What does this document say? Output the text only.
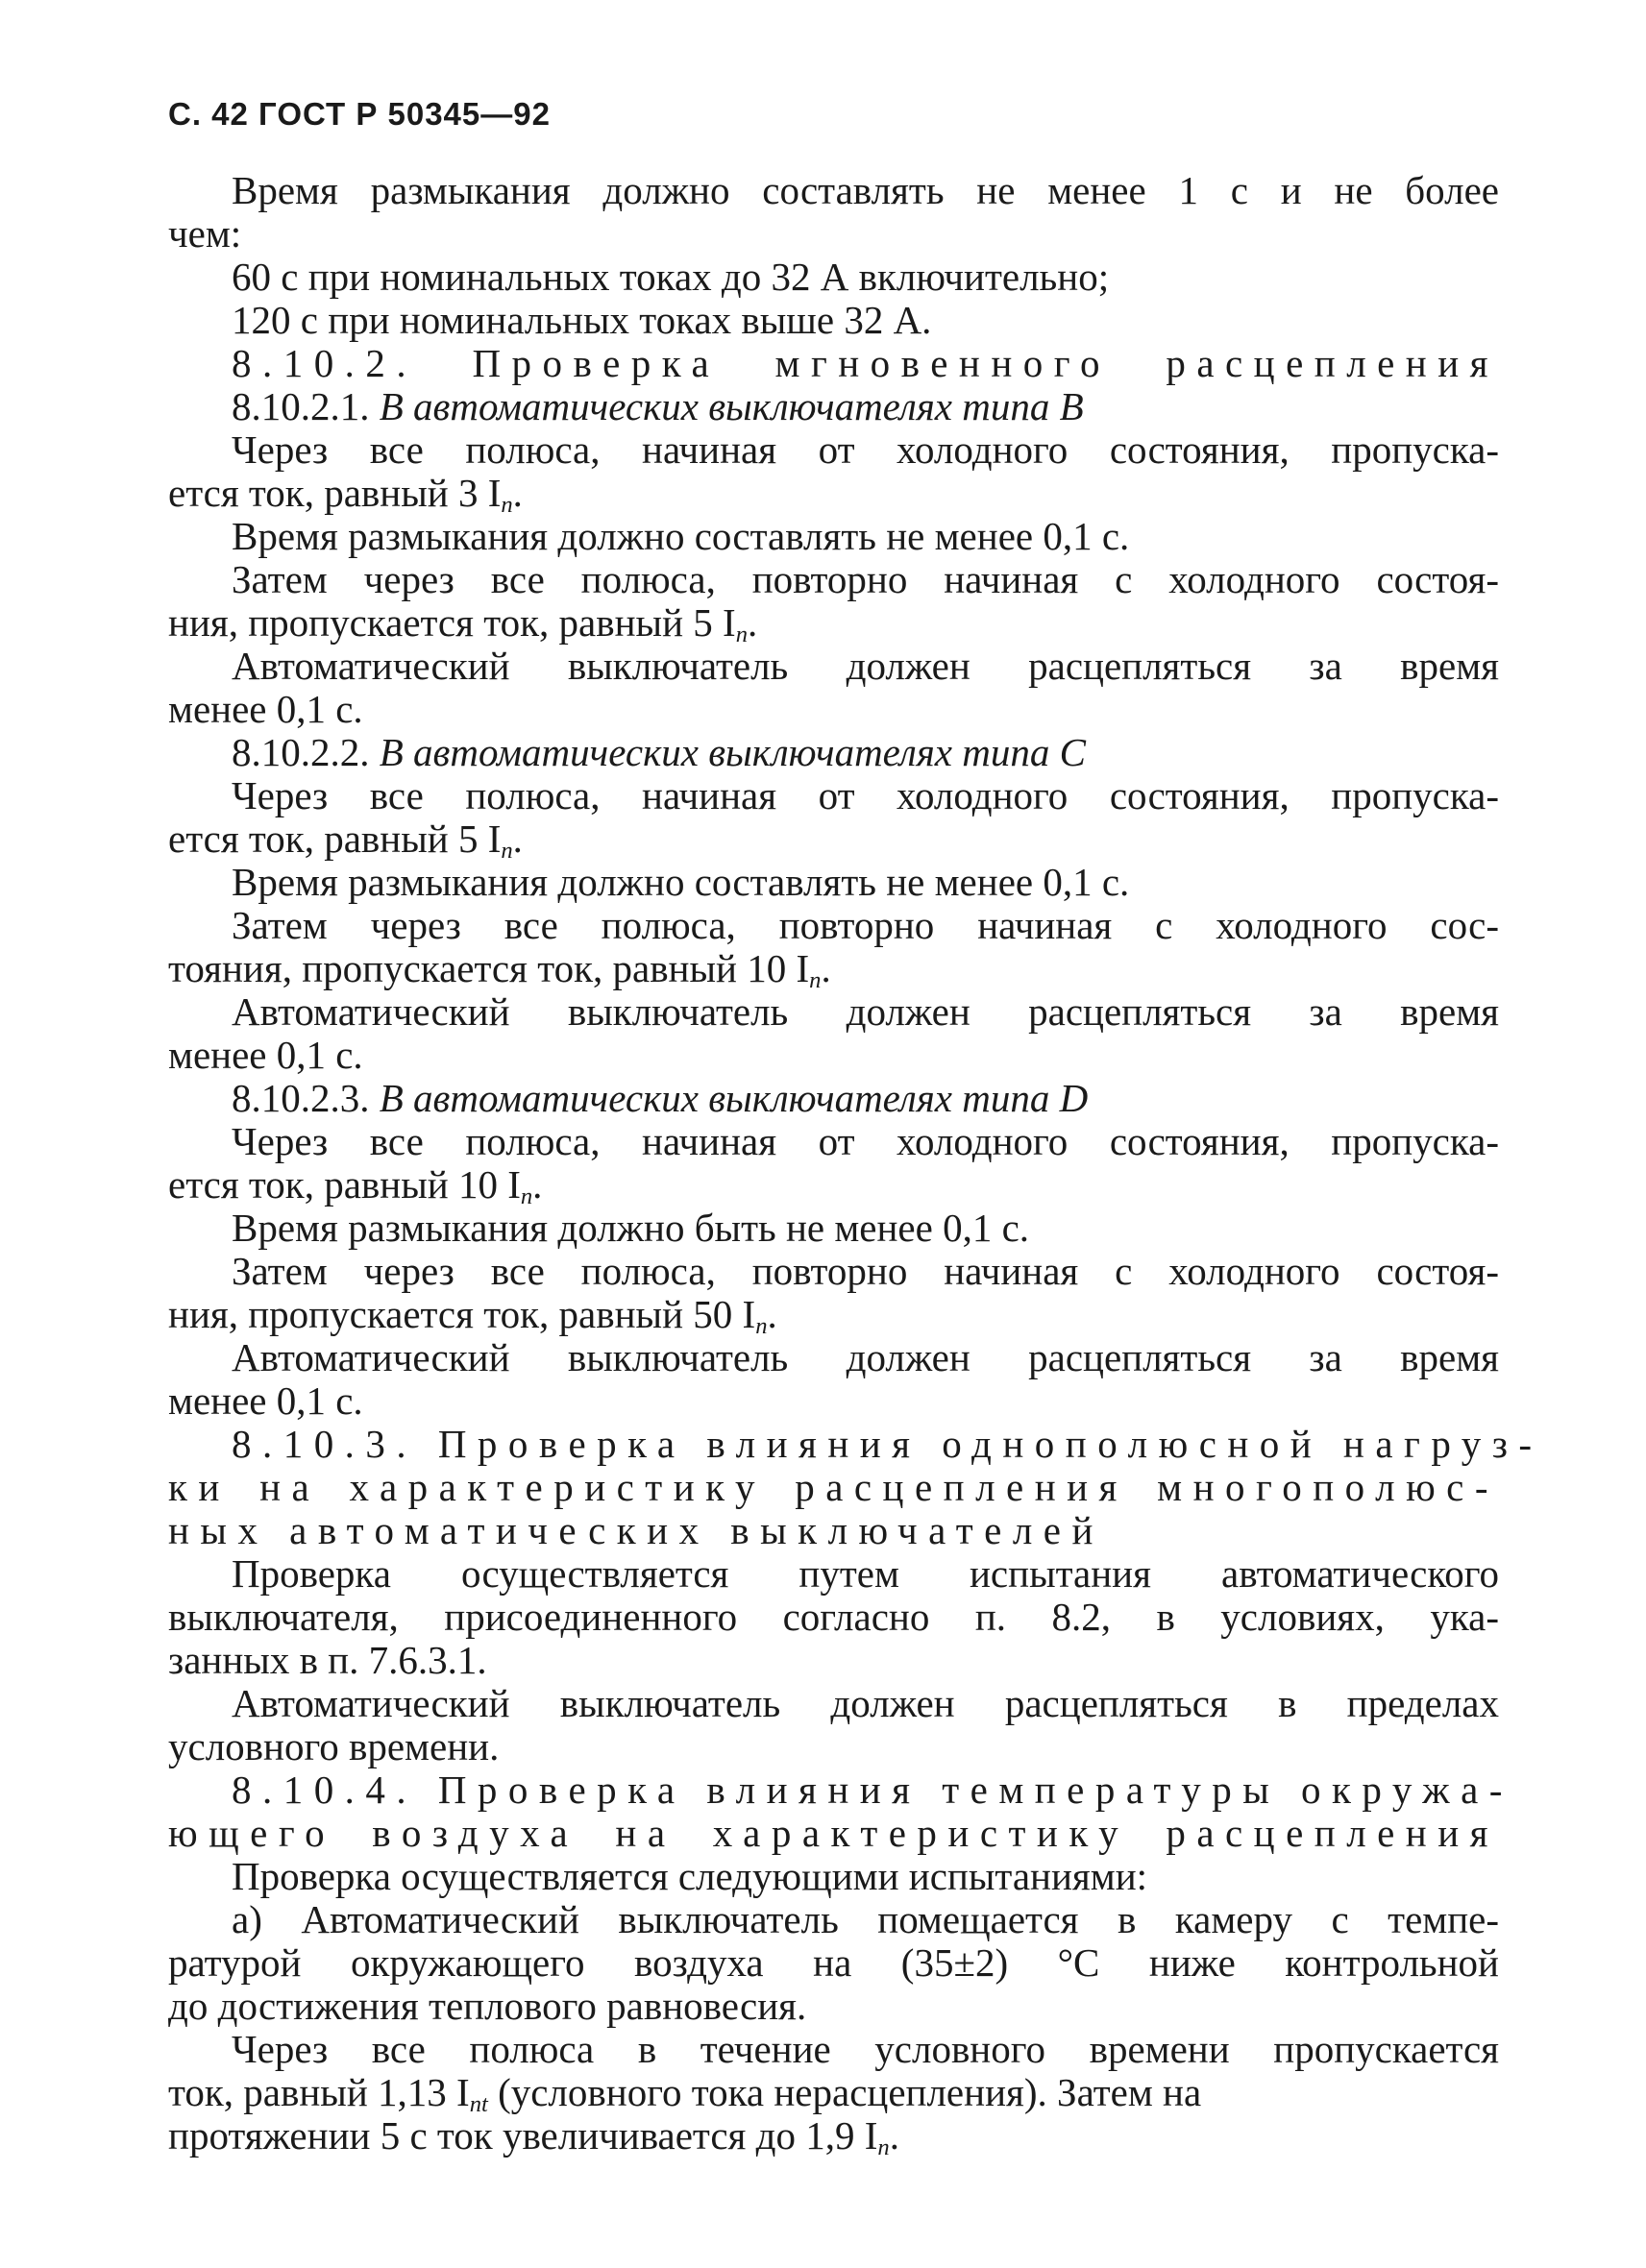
С. 42 ГОСТ Р 50345—92
Время размыкания должно составлять не менее 1 с и не более
чем:
60 с при номинальных токах до 32 А включительно;
120 с при номинальных токах выше 32 А.
8.10.2. Проверка мгновенного расцепления
8.10.2.1. В автоматических выключателях типа B
Через все полюса, начиная от холодного состояния, пропуска-
ется ток, равный 3 $I_n$.
Время размыкания должно составлять не менее 0,1 с.
Затем через все полюса, повторно начиная с холодного состоя-
ния, пропускается ток, равный 5 $I_n$.
Автоматический выключатель должен расцепляться за время
менее 0,1 с.
8.10.2.2. В автоматических выключателях типа C
Через все полюса, начиная от холодного состояния, пропуска-
ется ток, равный 5 $I_n$.
Время размыкания должно составлять не менее 0,1 с.
Затем через все полюса, повторно начиная с холодного сос-
тояния, пропускается ток, равный 10 $I_n$.
Автоматический выключатель должен расцепляться за время
менее 0,1 с.
8.10.2.3. В автоматических выключателях типа D
Через все полюса, начиная от холодного состояния, пропуска-
ется ток, равный 10 $I_n$.
Время размыкания должно быть не менее 0,1 с.
Затем через все полюса, повторно начиная с холодного состоя-
ния, пропускается ток, равный 50 $I_n$.
Автоматический выключатель должен расцепляться за время
менее 0,1 с.
8.10.3. Проверка влияния однополюсной нагруз-
ки на характеристику расцепления многополюс-
ных автоматических выключателей
Проверка осуществляется путем испытания автоматического
выключателя, присоединенного согласно п. 8.2, в условиях, ука-
занных в п. 7.6.3.1.
Автоматический выключатель должен расцепляться в пределах
условного времени.
8.10.4. Проверка влияния температуры окружа-
ющего воздуха на характеристику расцепления
Проверка осуществляется следующими испытаниями:
а) Автоматический выключатель помещается в камеру с темпе-
ратурой окружающего воздуха на (35±2) °С ниже контрольной
до достижения теплового равновесия.
Через все полюса в течение условного времени пропускается
ток, равный 1,13 $I_{nt}$ (условного тока нерасцепления). Затем на
протяжении 5 с ток увеличивается до 1,9 $I_n$.
